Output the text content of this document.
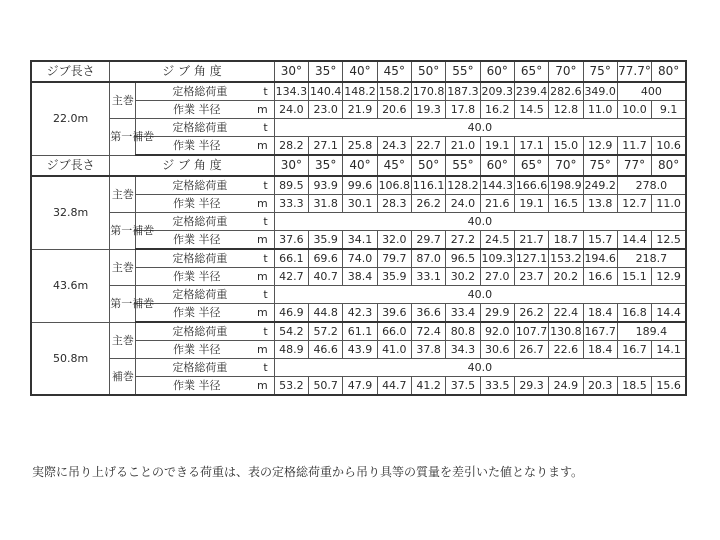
ジブ長さ	ジ ブ 角 度		30°	35°	40°	45°	50°	55°	60°	65°	70°	75°	77.7°	80°
22.0m	主巻	定格総荷重 t	134.3	140.4	148.2	158.2	170.8	187.3	209.3	239.4	282.6	349.0	400	
		作業 半径 m	24.0	23.0	21.9	20.6	19.3	17.8	16.2	14.5	12.8	11.0	10.0	9.1
	第一補巻	定格総荷重 t	40.0											
		作業 半径 m	28.2	27.1	25.8	24.3	22.7	21.0	19.1	17.1	15.0	12.9	11.7	10.6
ジブ長さ	ジ ブ 角 度		30°	35°	40°	45°	50°	55°	60°	65°	70°	75°	77°	80°
32.8m	主巻	定格総荷重 t	89.5	93.9	99.6	106.8	116.1	128.2	144.3	166.6	198.9	249.2	278.0	
		作業 半径 m	33.3	31.8	30.1	28.3	26.2	24.0	21.6	19.1	16.5	13.8	12.7	11.0
	第一補巻	定格総荷重 t	40.0											
		作業 半径 m	37.6	35.9	34.1	32.0	29.7	27.2	24.5	21.7	18.7	15.7	14.4	12.5
43.6m	主巻	定格総荷重 t	66.1	69.6	74.0	79.7	87.0	96.5	109.3	127.1	153.2	194.6	218.7	
		作業 半径 m	42.7	40.7	38.4	35.9	33.1	30.2	27.0	23.7	20.2	16.6	15.1	12.9
	第一補巻	定格総荷重 t	40.0											
		作業 半径 m	46.9	44.8	42.3	39.6	36.6	33.4	29.9	26.2	22.4	18.4	16.8	14.4
50.8m	主巻	定格総荷重 t	54.2	57.2	61.1	66.0	72.4	80.8	92.0	107.7	130.8	167.7	189.4	
		作業 半径 m	48.9	46.6	43.9	41.0	37.8	34.3	30.6	26.7	22.6	18.4	16.7	14.1
	補巻	定格総荷重 t	40.0											
		作業 半径 m	53.2	50.7	47.9	44.7	41.2	37.5	33.5	29.3	24.9	20.3	18.5	15.6
実際に吊り上げることのできる荷重は、表の定格総荷重から吊り具等の質量を差引いた値となります。
